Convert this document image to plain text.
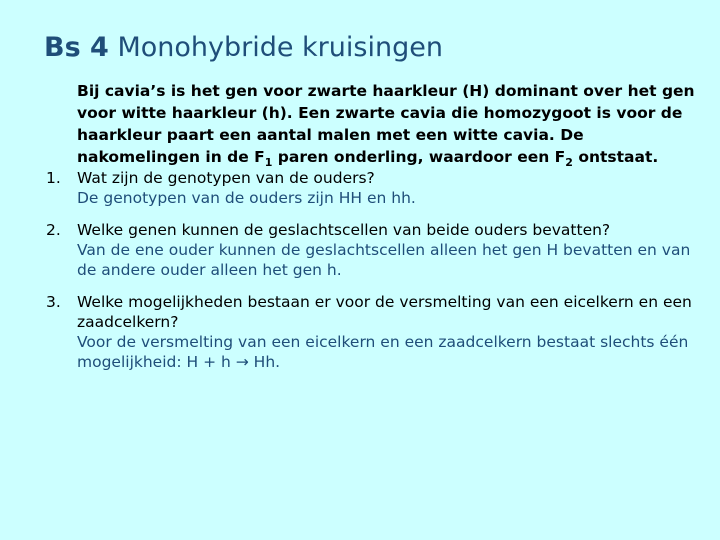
Bs 4 Monohybride kruisingen
Bij cavia’s is het gen voor zwarte haarkleur (H) dominant over het gen voor witte haarkleur (h). Een zwarte cavia die homozygoot is voor de haarkleur paart een aantal malen met een witte cavia. De nakomelingen in de $F_1$ paren onderling, waardoor een $F_2$ ontstaat.
1. Wat zijn de genotypen van de ouders?
De genotypen van de ouders zijn HH en hh.
2. Welke genen kunnen de geslachtscellen van beide ouders bevatten?
Van de ene ouder kunnen de geslachtscellen alleen het gen H bevatten en van de andere ouder alleen het gen h.
3. Welke mogelijkheden bestaan er voor de versmelting van een eicelkern en een zaadcelkern?
Voor de versmelting van een eicelkern en een zaadcelkern bestaat slechts één mogelijkheid: H + h → Hh.
